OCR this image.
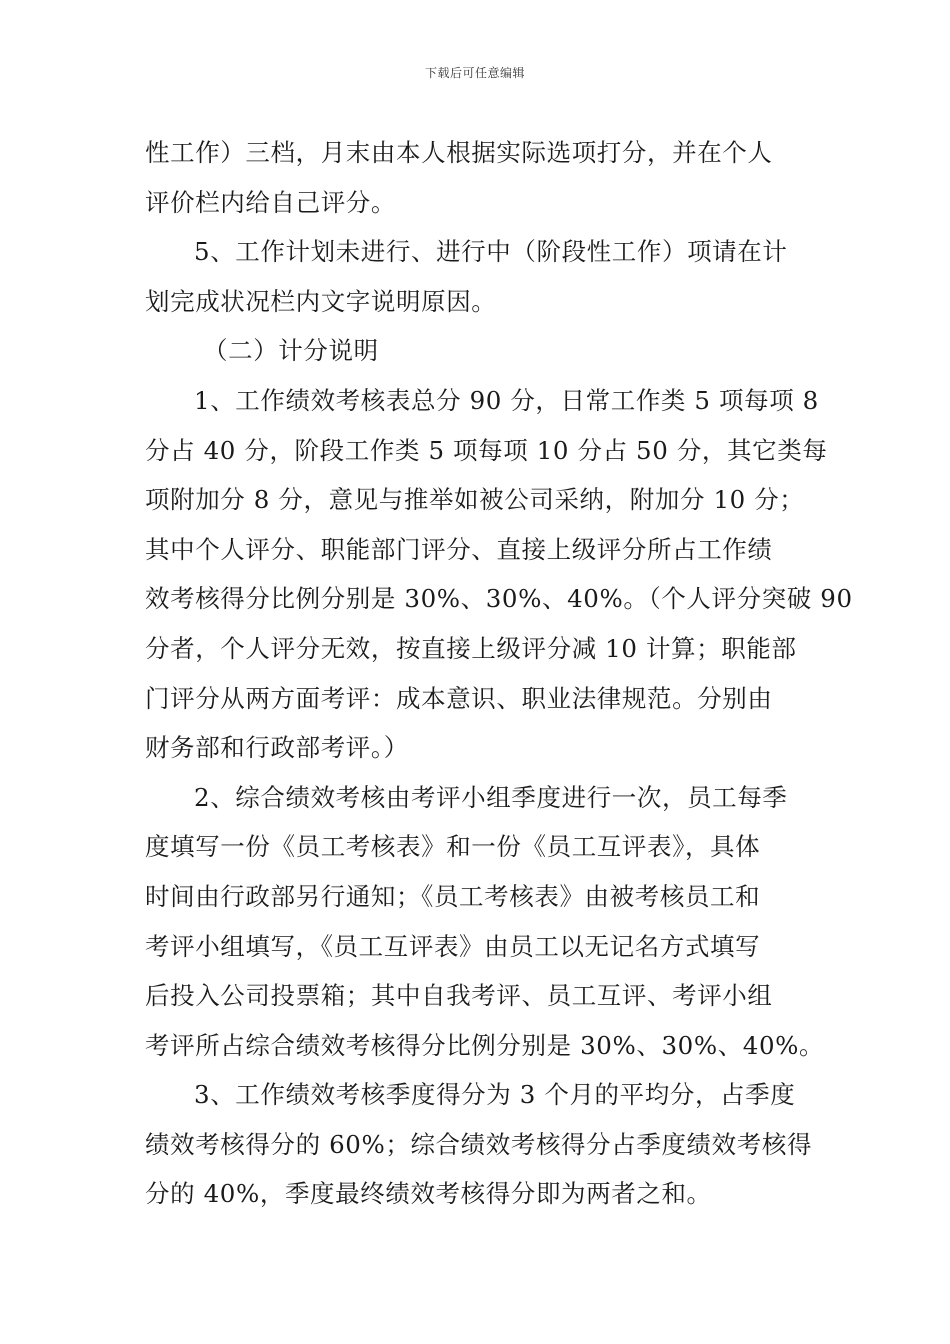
下载后可任意编辑
性工作）三档，月末由本人根据实际选项打分，并在个人
评价栏内给自己评分。
5、工作计划未进行、进行中（阶段性工作）项请在计
划完成状况栏内文字说明原因。
（二）计分说明
1、工作绩效考核表总分 90 分，日常工作类 5 项每项 8
分占 40 分，阶段工作类 5 项每项 10 分占 50 分，其它类每
项附加分 8 分，意见与推举如被公司采纳，附加分 10 分；
其中个人评分、职能部门评分、直接上级评分所占工作绩
效考核得分比例分别是 30%、30%、40%。（个人评分突破 90
分者，个人评分无效，按直接上级评分减 10 计算；职能部
门评分从两方面考评：成本意识、职业法律规范。分别由
财务部和行政部考评。）
2、综合绩效考核由考评小组季度进行一次，员工每季
度填写一份《员工考核表》和一份《员工互评表》，具体
时间由行政部另行通知；《员工考核表》由被考核员工和
考评小组填写，《员工互评表》由员工以无记名方式填写
后投入公司投票箱；其中自我考评、员工互评、考评小组
考评所占综合绩效考核得分比例分别是 30%、30%、40%。
3、工作绩效考核季度得分为 3 个月的平均分，占季度
绩效考核得分的 60%；综合绩效考核得分占季度绩效考核得
分的 40%，季度最终绩效考核得分即为两者之和。
